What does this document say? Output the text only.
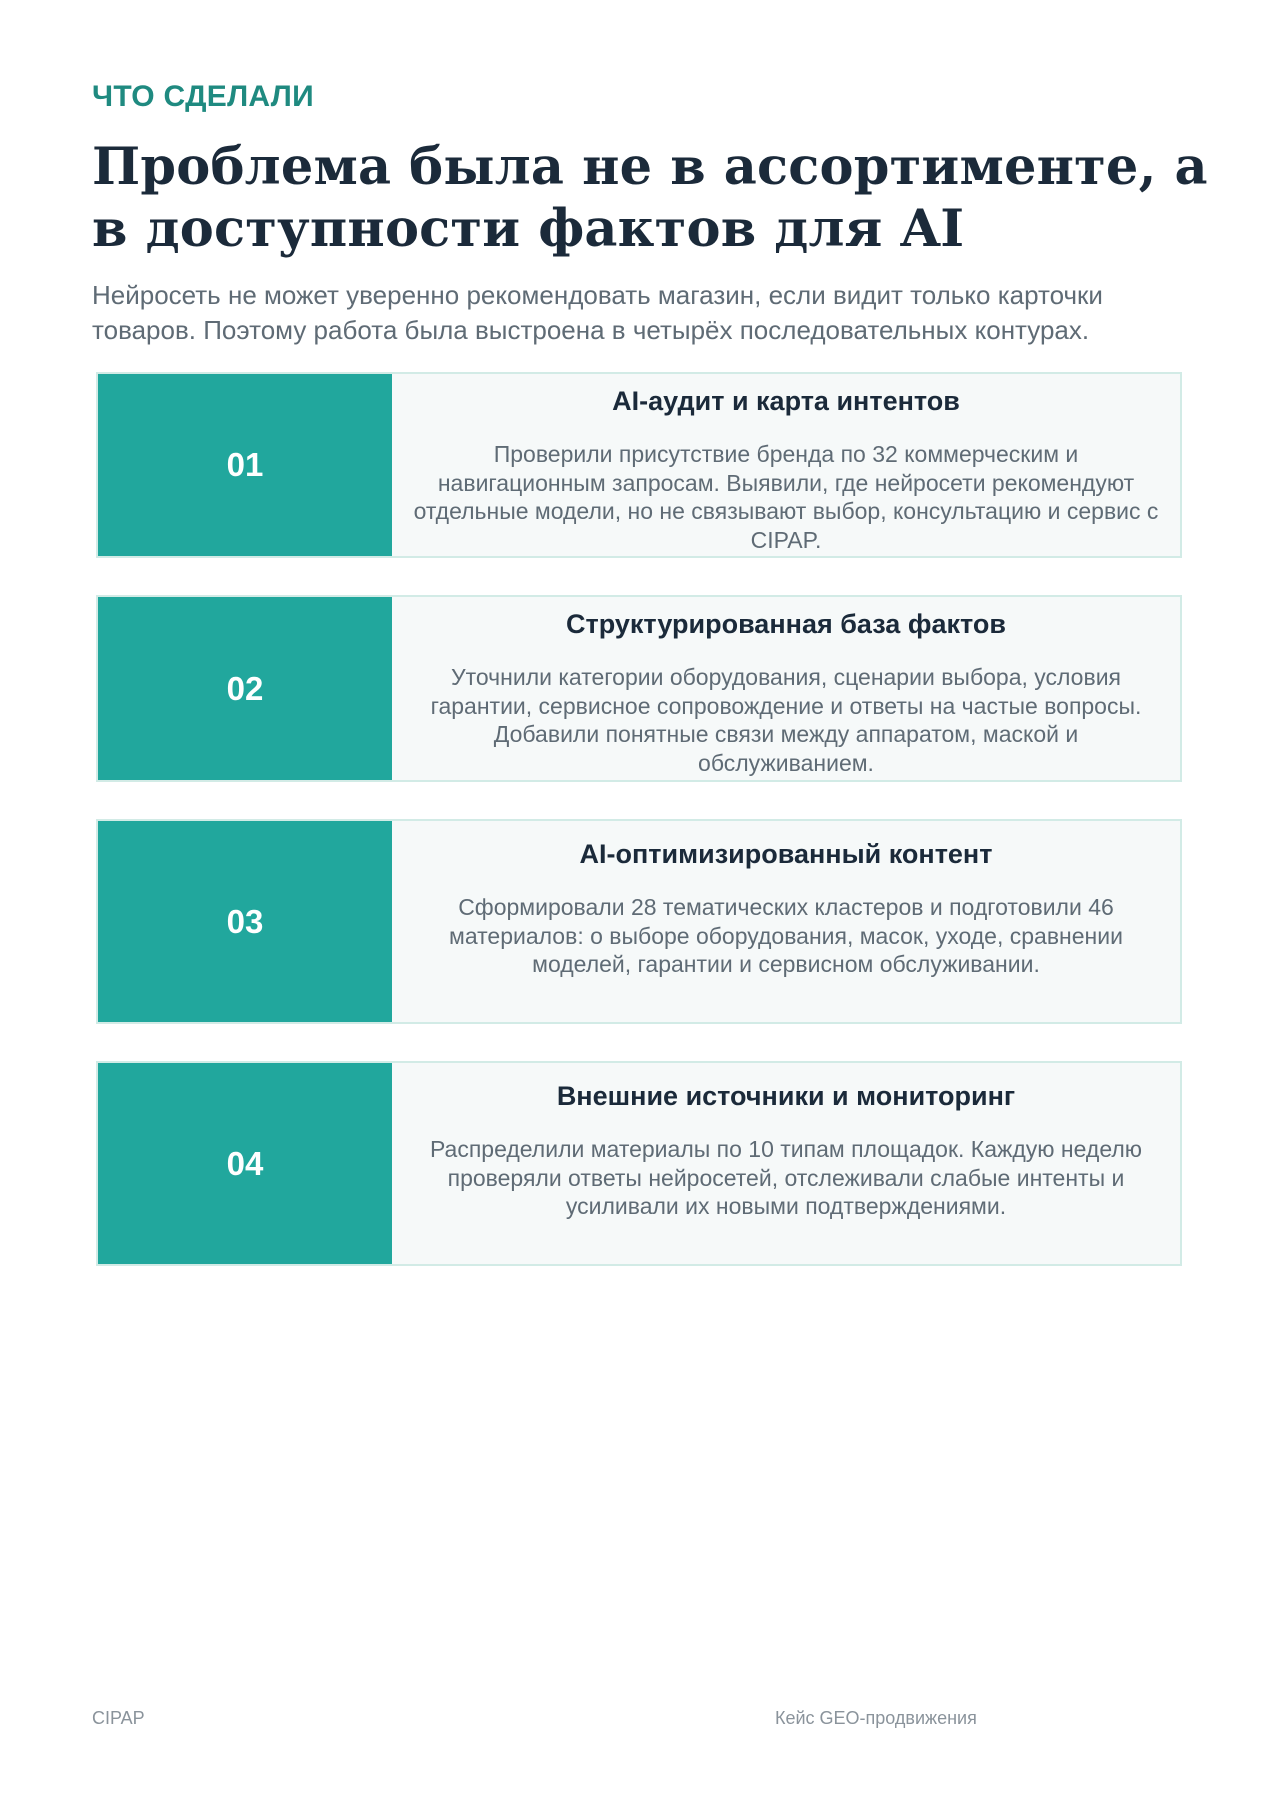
ЧТО СДЕЛАЛИ
Проблема была не в ассортименте, а в доступности фактов для AI

Нейросеть не может уверенно рекомендовать магазин, если видит только карточки товаров. Поэтому работа была выстроена в четырёх последовательных контурах.

01
AI-аудит и карта интентов

Проверили присутствие бренда по 32 коммерческим и навигационным запросам. Выявили, где нейросети рекомендуют отдельные модели, но не связывают выбор, консультацию и сервис с CIPAP.

02
Структурированная база фактов

Уточнили категории оборудования, сценарии выбора, условия гарантии, сервисное сопровождение и ответы на частые вопросы. Добавили понятные связи между аппаратом, маской и обслуживанием.

03
AI-оптимизированный контент

Сформировали 28 тематических кластеров и подготовили 46 материалов: о выборе оборудования, масок, уходе, сравнении моделей, гарантии и сервисном обслуживании.

04
Внешние источники и мониторинг

Распределили материалы по 10 типам площадок. Каждую неделю проверяли ответы нейросетей, отслеживали слабые интенты и усиливали их новыми подтверждениями.

CIPAP	Кейс GEO-продвижения
